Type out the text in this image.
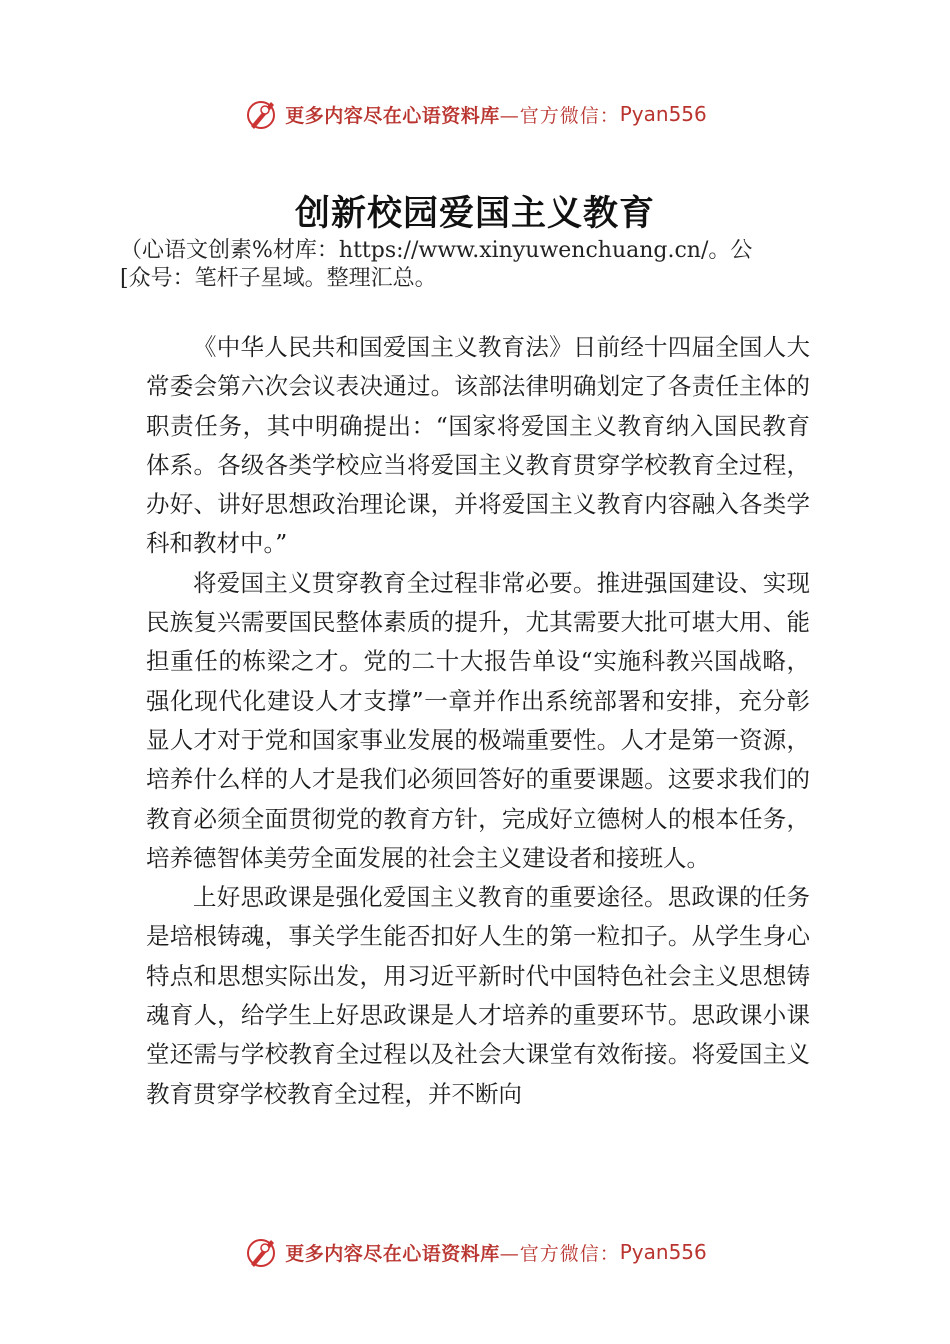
更多内容尽在心语资料库 —官方微信： Pyan556
创新校园爱国主义教育
（心语文创素%材库：https://www.xinyuwenchuang.cn/。公
[众号：笔杆子星域。整理汇总。

《中华人民共和国爱国主义教育法》日前经十四届全国人大常委会第六次会议表决通过。该部法律明确划定了各责任主体的职责任务，其中明确提出：“国家将爱国主义教育纳入国民教育体系。各级各类学校应当将爱国主义教育贯穿学校教育全过程，办好、讲好思想政治理论课，并将爱国主义教育内容融入各类学科和教材中。”

将爱国主义贯穿教育全过程非常必要。推进强国建设、实现民族复兴需要国民整体素质的提升，尤其需要大批可堪大用、能担重任的栋梁之才。党的二十大报告单设“实施科教兴国战略，强化现代化建设人才支撑”一章并作出系统部署和安排，充分彰显人才对于党和国家事业发展的极端重要性。人才是第一资源，培养什么样的人才是我们必须回答好的重要课题。这要求我们的教育必须全面贯彻党的教育方针，完成好立德树人的根本任务，培养德智体美劳全面发展的社会主义建设者和接班人。

上好思政课是强化爱国主义教育的重要途径。思政课的任务是培根铸魂，事关学生能否扣好人生的第一粒扣子。从学生身心特点和思想实际出发，用习近平新时代中国特色社会主义思想铸魂育人，给学生上好思政课是人才培养的重要环节。思政课小课堂还需与学校教育全过程以及社会大课堂有效衔接。将爱国主义教育贯穿学校教育全过程，并不断向

更多内容尽在心语资料库 —官方微信： Pyan556
